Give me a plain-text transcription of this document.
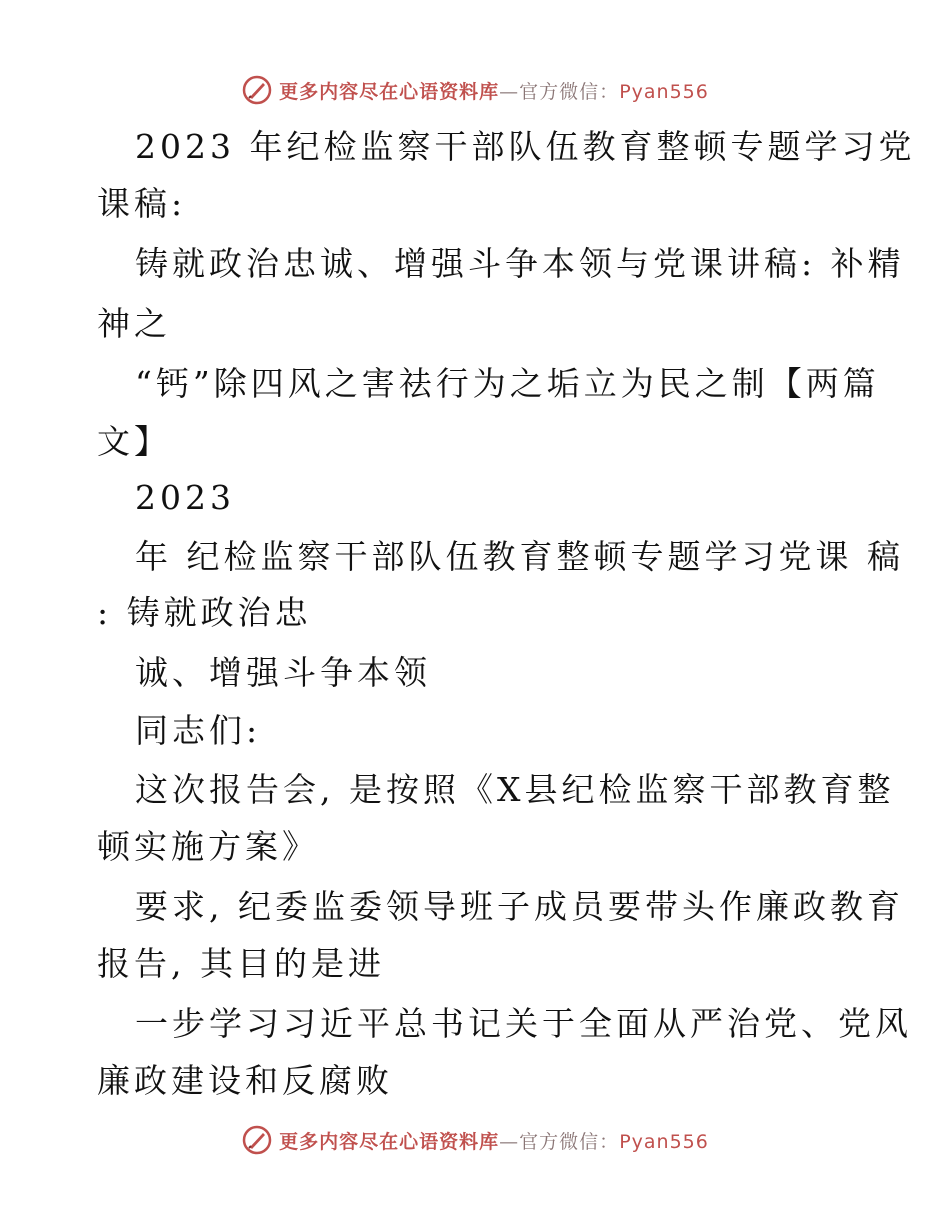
更多内容尽在心语资料库—官方微信：Pyan556
2023 年纪检监察干部队伍教育整顿专题学习党
课稿:
铸就政治忠诚、增强斗争本领与党课讲稿: 补精
神之
“钙”除四风之害祛行为之垢立为民之制【两篇
文】
2023
年 纪检监察干部队伍教育整顿专题学习党课 稿
: 铸就政治忠
诚、增强斗争本领
同志们:
这次报告会, 是按照《X县纪检监察干部教育整
顿实施方案》
要求, 纪委监委领导班子成员要带头作廉政教育
报告, 其目的是进
一步学习习近平总书记关于全面从严治党、党风
廉政建设和反腐败
更多内容尽在心语资料库—官方微信：Pyan556
